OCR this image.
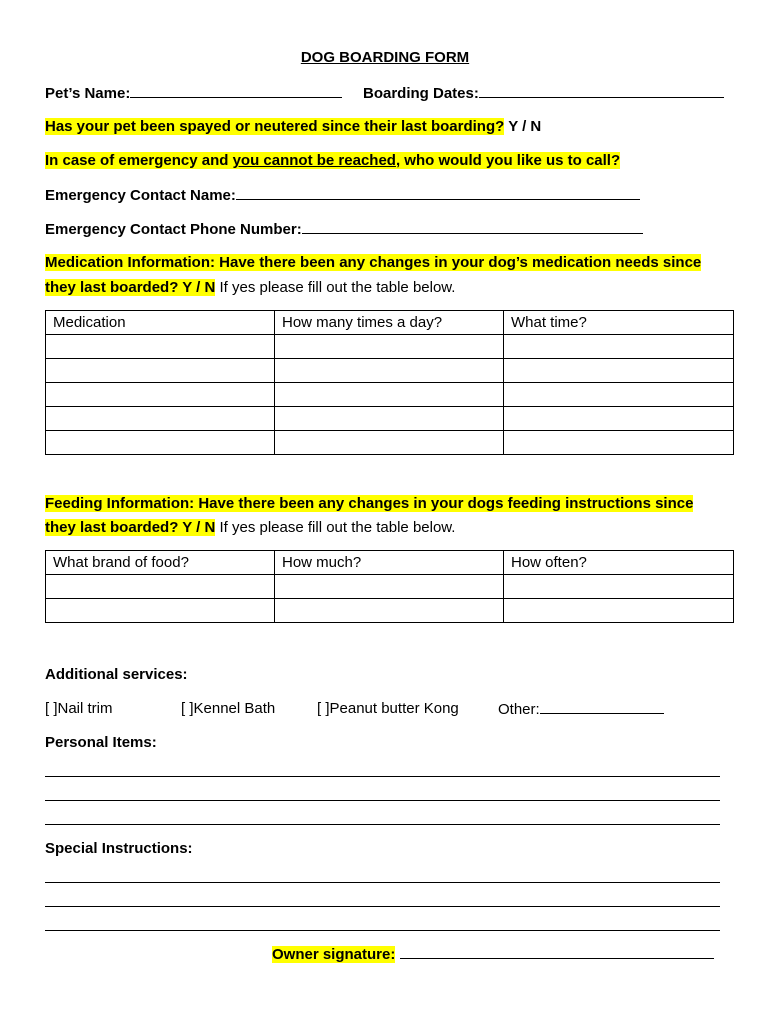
DOG BOARDING FORM
Pet’s Name:	Boarding Dates:
Has your pet been spayed or neutered since their last boarding? Y / N
In case of emergency and you cannot be reached, who would you like us to call?
Emergency Contact Name:
Emergency Contact Phone Number:
Medication Information: Have there been any changes in your dog’s medication needs since
they last boarded? Y / N If yes please fill out the table below.
Medication	How many times a day?	What time?

Feeding Information: Have there been any changes in your dogs feeding instructions since
they last boarded? Y / N If yes please fill out the table below.
What brand of food?	How much?	How often?

Additional services:
[ ]Nail trim	[ ]Kennel Bath	[ ]Peanut butter Kong	Other:
Personal Items:
Special Instructions:
Owner signature:
